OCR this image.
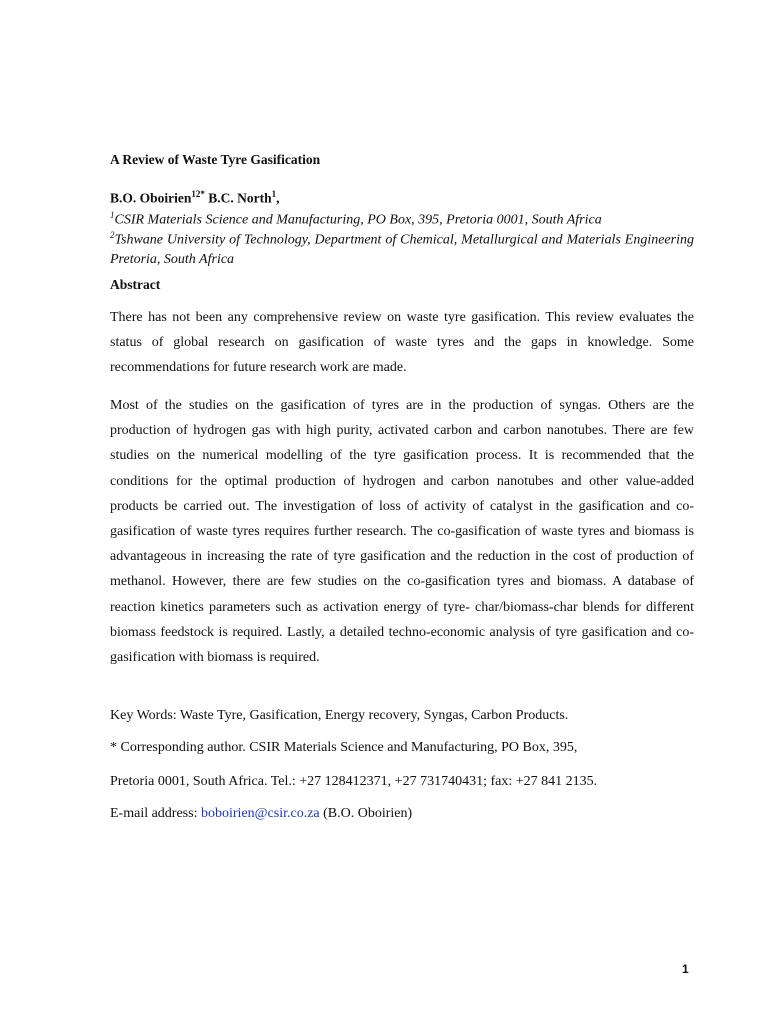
A Review of Waste Tyre Gasification
B.O. Oboirien$^{12*}$ B.C. North$^1$,
$^1$CSIR Materials Science and Manufacturing, PO Box, 395, Pretoria 0001, South Africa
$^2$Tshwane University of Technology, Department of Chemical, Metallurgical and Materials Engineering Pretoria, South Africa
Abstract

There has not been any comprehensive review on waste tyre gasification. This review evaluates the status of global research on gasification of waste tyres and the gaps in knowledge. Some recommendations for future research work are made.

Most of the studies on the gasification of tyres are in the production of syngas. Others are the production of hydrogen gas with high purity, activated carbon and carbon nanotubes. There are few studies on the numerical modelling of the tyre gasification process. It is recommended that the conditions for the optimal production of hydrogen and carbon nanotubes and other value-added products be carried out. The investigation of loss of activity of catalyst in the gasification and co-gasification of waste tyres requires further research. The co-gasification of waste tyres and biomass is advantageous in increasing the rate of tyre gasification and the reduction in the cost of production of methanol. However, there are few studies on the co-gasification tyres and biomass. A database of reaction kinetics parameters such as activation energy of tyre- char/biomass-char blends for different biomass feedstock is required. Lastly, a detailed techno-economic analysis of tyre gasification and co-gasification with biomass is required.

Key Words: Waste Tyre, Gasification, Energy recovery, Syngas, Carbon Products.
* Corresponding author. CSIR Materials Science and Manufacturing, PO Box, 395,
Pretoria 0001, South Africa. Tel.: +27 128412371, +27 731740431; fax: +27 841 2135.
E-mail address: boboirien@csir.co.za (B.O. Oboirien)
1
